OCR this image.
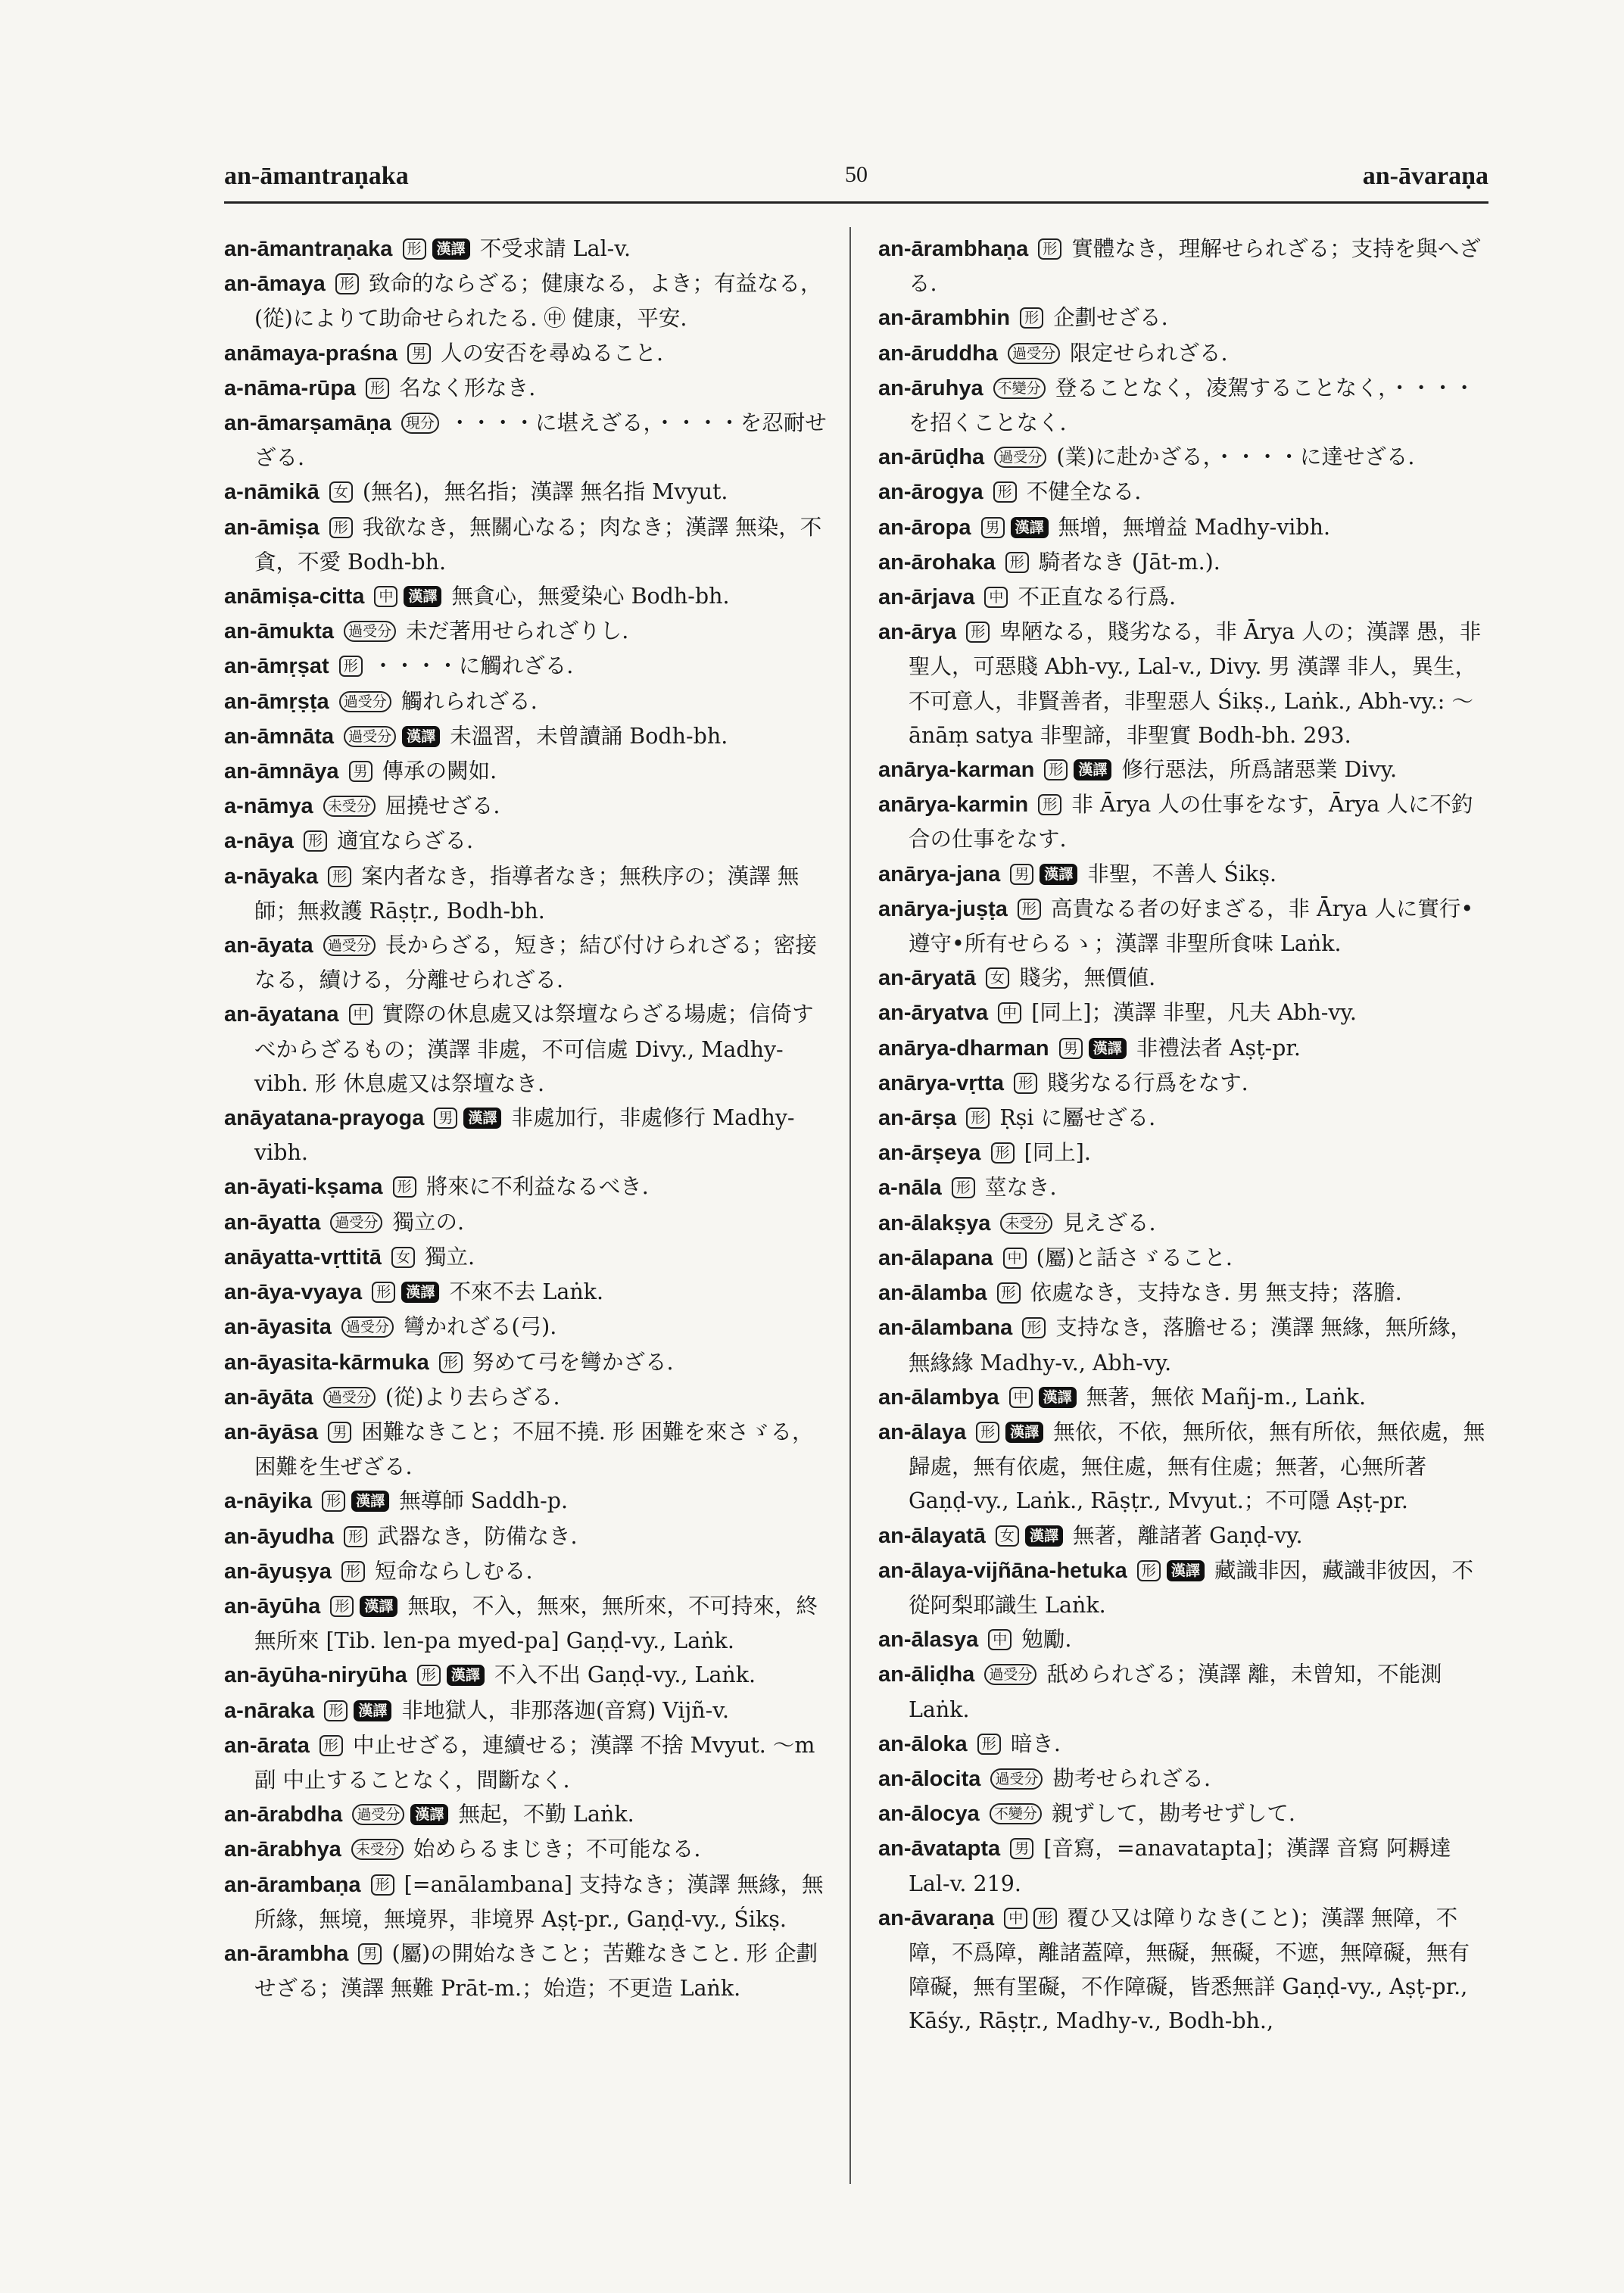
an-āmantraṇaka	50	an-āvaraṇa

an-āmantraṇaka 形 漢譯 不受求請 Lal-v.

an-āmaya 形 致命的ならざる；健康なる，よき；有益なる，(從)によりて助命せられたる. ㊥ 健康，平安.

anāmaya-praśna 男 人の安否を尋ぬること.

a-nāma-rūpa 形 名なく形なき.

an-āmarṣamāṇa 現分 ・・・・に堪えざる，・・・・を忍耐せざる.

a-nāmikā 女 (無名)，無名指；漢譯 無名指 Mvyut.

an-āmiṣa 形 我欲なき，無關心なる；肉なき；漢譯 無染，不貪，不愛 Bodh-bh.

anāmiṣa-citta 中 漢譯 無貪心，無愛染心 Bodh-bh.

an-āmukta 過受分 未だ著用せられざりし.

an-āmṛṣat 形 ・・・・に觸れざる.

an-āmṛṣṭa 過受分 觸れられざる.

an-āmnāta 過受分 漢譯 未溫習，未曾讀誦 Bodh-bh.

an-āmnāya 男 傳承の闕如.

a-nāmya 未受分 屈撓せざる.

a-nāya 形 適宜ならざる.

a-nāyaka 形 案内者なき，指導者なき；無秩序の；漢譯 無師；無救護 Rāṣṭr., Bodh-bh.

an-āyata 過受分 長からざる，短き；結び付けられざる；密接なる，續ける，分離せられざる.

an-āyatana 中 實際の休息處又は祭壇ならざる場處；信倚すべからざるもの；漢譯 非處，不可信處 Divy., Madhy-vibh. 形 休息處又は祭壇なき.

anāyatana-prayoga 男 漢譯 非處加行，非處修行 Madhy-vibh.

an-āyati-kṣama 形 將來に不利益なるべき.

an-āyatta 過受分 獨立の.

anāyatta-vṛttitā 女 獨立.

an-āya-vyaya 形 漢譯 不來不去 Laṅk.

an-āyasita 過受分 彎かれざる(弓).

an-āyasita-kārmuka 形 努めて弓を彎かざる.

an-āyāta 過受分 (從)より去らざる.

an-āyāsa 男 困難なきこと；不屈不撓. 形 困難を來さゞる，困難を生ぜざる.

a-nāyika 形 漢譯 無導師 Saddh-p.

an-āyudha 形 武器なき，防備なき.

an-āyuṣya 形 短命ならしむる.

an-āyūha 形 漢譯 無取，不入，無來，無所來，不可持來，終無所來 [Tib. len-pa myed-pa] Gaṇḍ-vy., Laṅk.

an-āyūha-niryūha 形 漢譯 不入不出 Gaṇḍ-vy., Laṅk.

a-nāraka 形 漢譯 非地獄人，非那落迦(音寫) Vijñ-v.

an-ārata 形 中止せざる，連續せる；漢譯 不捨 Mvyut. ～m 副 中止することなく，間斷なく.

an-ārabdha 過受分 漢譯 無起，不勤 Laṅk.

an-ārabhya 未受分 始めらるまじき；不可能なる.

an-ārambaṇa 形 [=anālambana] 支持なき；漢譯 無緣，無所緣，無境，無境界，非境界 Aṣṭ-pr., Gaṇḍ-vy., Śikṣ.

an-ārambha 男 (屬)の開始なきこと；苦難なきこと. 形 企劃せざる；漢譯 無難 Prāt-m.；始造；不更造 Laṅk.

an-ārambhaṇa 形 實體なき，理解せられざる；支持を與へざる.

an-ārambhin 形 企劃せざる.

an-āruddha 過受分 限定せられざる.

an-āruhya 不變分 登ることなく，凌駕することなく，・・・・を招くことなく.

an-ārūḍha 過受分 (業)に赴かざる，・・・・に達せざる.

an-ārogya 形 不健全なる.

an-āropa 男 漢譯 無增，無增益 Madhy-vibh.

an-ārohaka 形 騎者なき (Jāt-m.).

an-ārjava 中 不正直なる行爲.

an-ārya 形 卑陋なる，賤劣なる，非 Ārya 人の；漢譯 愚，非聖人，可惡賤 Abh-vy., Lal-v., Divy. 男 漢譯 非人，異生，不可意人，非賢善者，非聖惡人 Śikṣ., Laṅk., Abh-vy.: ～ānāṃ satya 非聖諦，非聖實 Bodh-bh. 293.

anārya-karman 形 漢譯 修行惡法，所爲諸惡業 Divy.

anārya-karmin 形 非 Ārya 人の仕事をなす，Ārya 人に不釣合の仕事をなす.

anārya-jana 男 漢譯 非聖，不善人 Śikṣ.

anārya-juṣṭa 形 高貴なる者の好まざる，非 Ārya 人に實行•遵守•所有せらるゝ；漢譯 非聖所食味 Laṅk.

an-āryatā 女 賤劣，無價値.

an-āryatva 中 [同上]；漢譯 非聖，凡夫 Abh-vy.

anārya-dharman 男 漢譯 非禮法者 Aṣṭ-pr.

anārya-vṛtta 形 賤劣なる行爲をなす.

an-ārṣa 形 Ṛṣi に屬せざる.

an-ārṣeya 形 [同上].

a-nāla 形 莖なき.

an-ālakṣya 未受分 見えざる.

an-ālapana 中 (屬)と話さゞること.

an-ālamba 形 依處なき，支持なき. 男 無支持；落膽.

an-ālambana 形 支持なき，落膽せる；漢譯 無緣，無所緣，無緣緣 Madhy-v., Abh-vy.

an-ālambya 中 漢譯 無著，無依 Mañj-m., Laṅk.

an-ālaya 形 漢譯 無依，不依，無所依，無有所依，無依處，無歸處，無有依處，無住處，無有住處；無著，心無所著 Gaṇḍ-vy., Laṅk., Rāṣṭr., Mvyut.；不可隱 Aṣṭ-pr.

an-ālayatā 女 漢譯 無著，離諸著 Gaṇḍ-vy.

an-ālaya-vijñāna-hetuka 形 漢譯 藏識非因，藏識非彼因，不從阿梨耶識生 Laṅk.

an-ālasya 中 勉勵.

an-āliḍha 過受分 舐められざる；漢譯 離，未曾知，不能測 Laṅk.

an-āloka 形 暗き.

an-ālocita 過受分 勘考せられざる.

an-ālocya 不變分 親ずして，勘考せずして.

an-āvatapta 男 [音寫，=anavatapta]；漢譯 音寫 阿耨達 Lal-v. 219.

an-āvaraṇa 中 形 覆ひ又は障りなき(こと)；漢譯 無障，不障，不爲障，離諸蓋障，無礙，無礙，不遮，無障礙，無有障礙，無有罣礙，不作障礙，皆悉無詳 Gaṇḍ-vy., Aṣṭ-pr., Kāśy., Rāṣṭr., Madhy-v., Bodh-bh.,
